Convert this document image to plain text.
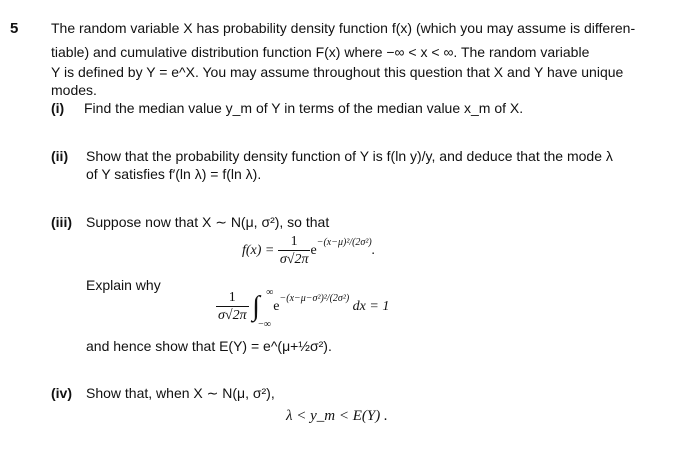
5 The random variable X has probability density function f(x) (which you may assume is differen-
tiable) and cumulative distribution function F(x) where −∞ < x < ∞. The random variable
Y is defined by Y = e^X. You may assume throughout this question that X and Y have unique
modes.
(i) Find the median value y_m of Y in terms of the median value x_m of X.
(ii) Show that the probability density function of Y is f(ln y)/y, and deduce that the mode λ
of Y satisfies f′(ln λ) = f(ln λ).
(iii) Suppose now that X ∼ N(μ, σ²), so that
$f(x) = \frac{1}{\sigma√2\pi} e^{-(x-\mu)^2/(2\sigma^2)}$.
Explain why
$\frac{1}{\sigma√2\pi}$ ∫ ∞
−∞
$e^{-(x-\mu-\sigma^2)^2/(2\sigma^2)}$ dx = 1
and hence show that E(Y) = e^(μ+½σ²).
(iv) Show that, when X ∼ N(μ, σ²),
λ < y_m < E(Y) .
